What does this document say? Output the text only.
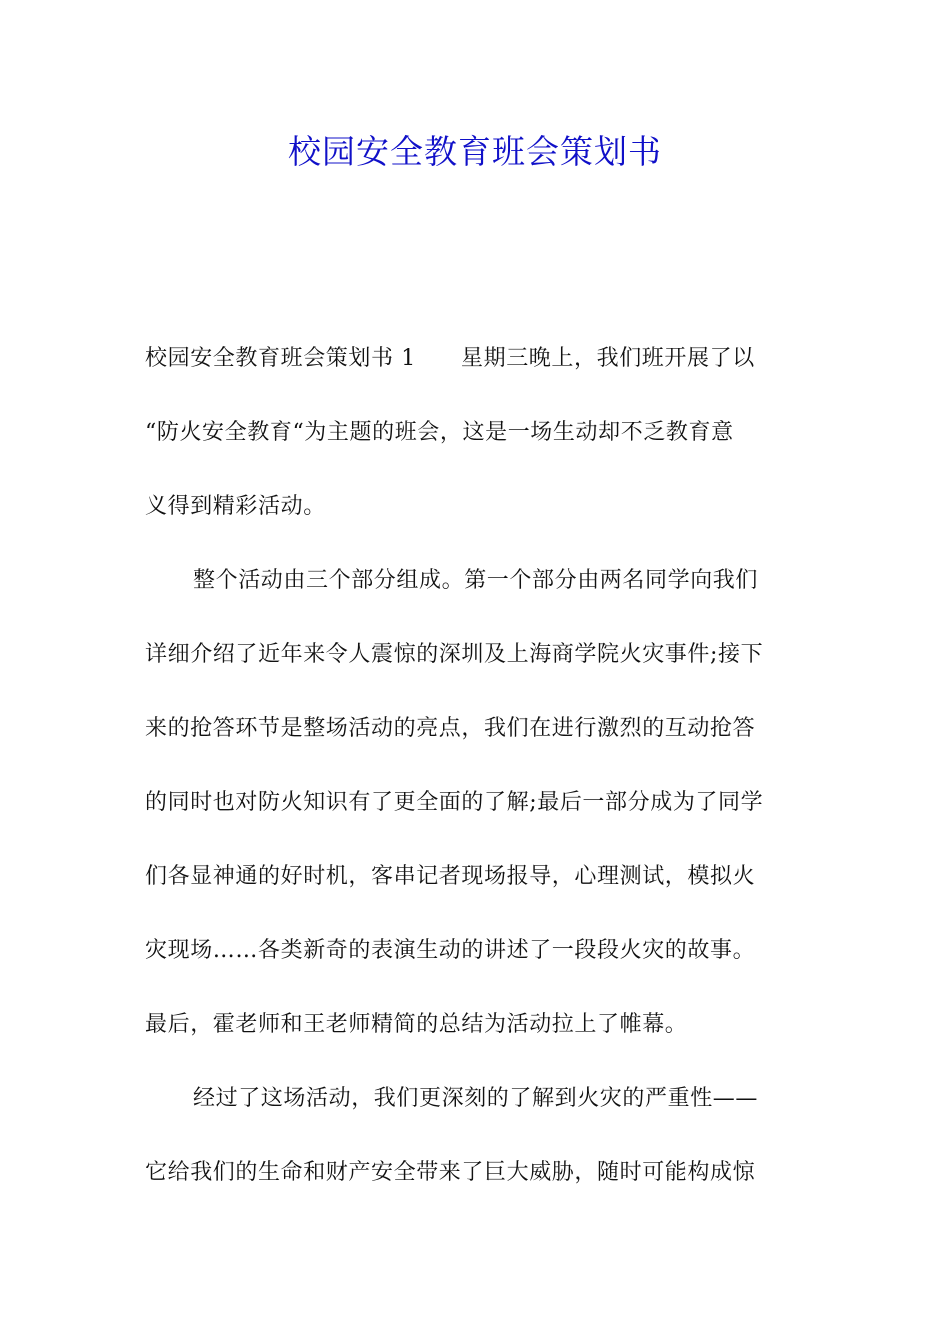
校园安全教育班会策划书
校园安全教育班会策划书 1　　星期三晚上，我们班开展了以
“防火安全教育“为主题的班会，这是一场生动却不乏教育意
义得到精彩活动。
整个活动由三个部分组成。第一个部分由两名同学向我们
详细介绍了近年来令人震惊的深圳及上海商学院火灾事件;接下
来的抢答环节是整场活动的亮点，我们在进行激烈的互动抢答
的同时也对防火知识有了更全面的了解;最后一部分成为了同学
们各显神通的好时机，客串记者现场报导，心理测试，模拟火
灾现场……各类新奇的表演生动的讲述了一段段火灾的故事。
最后，霍老师和王老师精简的总结为活动拉上了帷幕。
经过了这场活动，我们更深刻的了解到火灾的严重性——
它给我们的生命和财产安全带来了巨大威胁，随时可能构成惊
